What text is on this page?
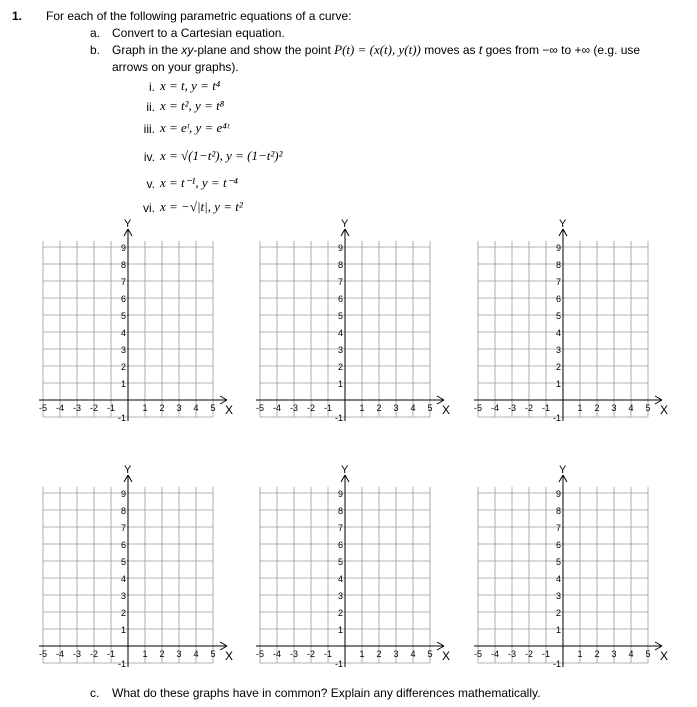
1. For each of the following parametric equations of a curve:
a. Convert to a Cartesian equation.
b. Graph in the xy-plane and show the point P(t) = (x(t), y(t)) moves as t goes from −∞ to +∞ (e.g. use
arrows on your graphs).
i. x = t, y = t⁴
ii. x = t², y = t⁸
iii. x = eᵗ, y = e⁴ᵗ
iv. x = √(1−t²), y = (1−t²)²
v. x = t⁻¹, y = t⁻⁴
vi. x = −√|t|, y = t²
Y
X
9
8
7
6
5
4
3
2
1
-1
-5 -4 -3 -2 -1	1 2 3 4 5
Y
X
9
8
7
6
5
4
3
2
1
-1
-5 -4 -3 -2 -1	1 2 3 4 5
Y
X
9
8
7
6
5
4
3
2
1
-1
-5 -4 -3 -2 -1	1 2 3 4 5
Y
X
9
8
7
6
5
4
3
2
1
-1
-5 -4 -3 -2 -1	1 2 3 4 5
Y
X
9
8
7
6
5
4
3
2
1
-1
-5 -4 -3 -2 -1	1 2 3 4 5
Y
X
9
8
7
6
5
4
3
2
1
-1
-5 -4 -3 -2 -1	1 2 3 4 5
c. What do these graphs have in common? Explain any differences mathematically.
